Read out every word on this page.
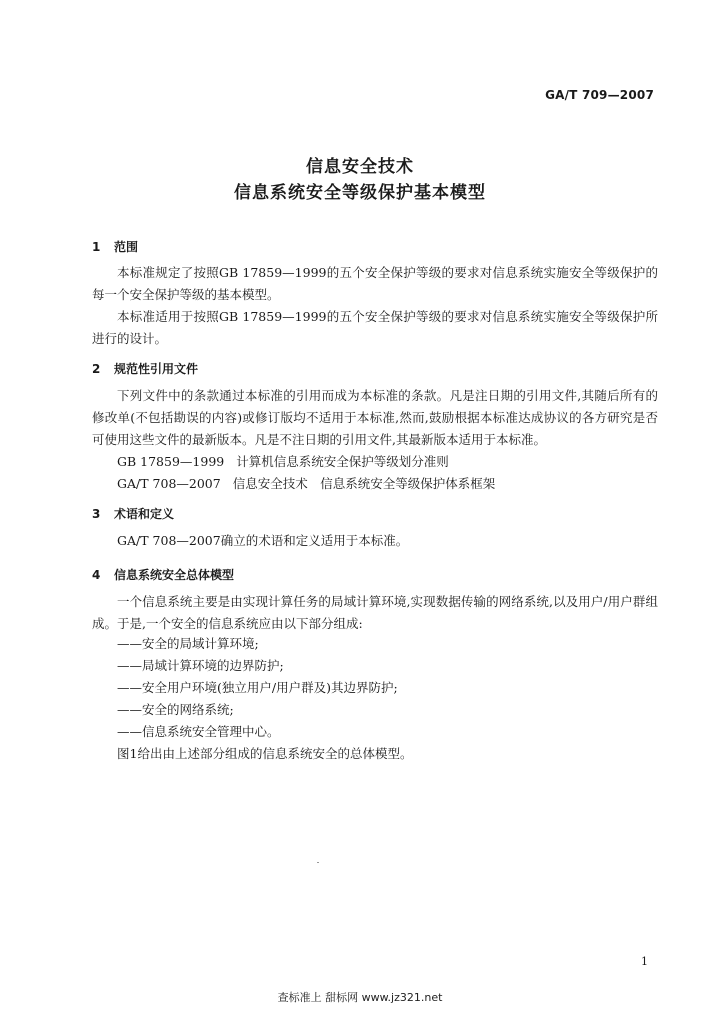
GA/T 709—2007
信息安全技术
信息系统安全等级保护基本模型
1 范围
本标准规定了按照GB 17859—1999的五个安全保护等级的要求对信息系统实施安全等级保护的每一个安全保护等级的基本模型。
本标准适用于按照GB 17859—1999的五个安全保护等级的要求对信息系统实施安全等级保护所进行的设计。
2 规范性引用文件
下列文件中的条款通过本标准的引用而成为本标准的条款。凡是注日期的引用文件,其随后所有的修改单(不包括勘误的内容)或修订版均不适用于本标准,然而,鼓励根据本标准达成协议的各方研究是否可使用这些文件的最新版本。凡是不注日期的引用文件,其最新版本适用于本标准。
GB 17859—1999 计算机信息系统安全保护等级划分准则
GA/T 708—2007 信息安全技术　信息系统安全等级保护体系框架
3 术语和定义
GA/T 708—2007确立的术语和定义适用于本标准。
4 信息系统安全总体模型
一个信息系统主要是由实现计算任务的局域计算环境,实现数据传输的网络系统,以及用户/用户群组成。于是,一个安全的信息系统应由以下部分组成:
——安全的局域计算环境;
——局域计算环境的边界防护;
——安全用户环境(独立用户/用户群及)其边界防护;
——安全的网络系统;
——信息系统安全管理中心。
图1给出由上述部分组成的信息系统安全的总体模型。
1
查标准上 甜标网 www.jz321.net
